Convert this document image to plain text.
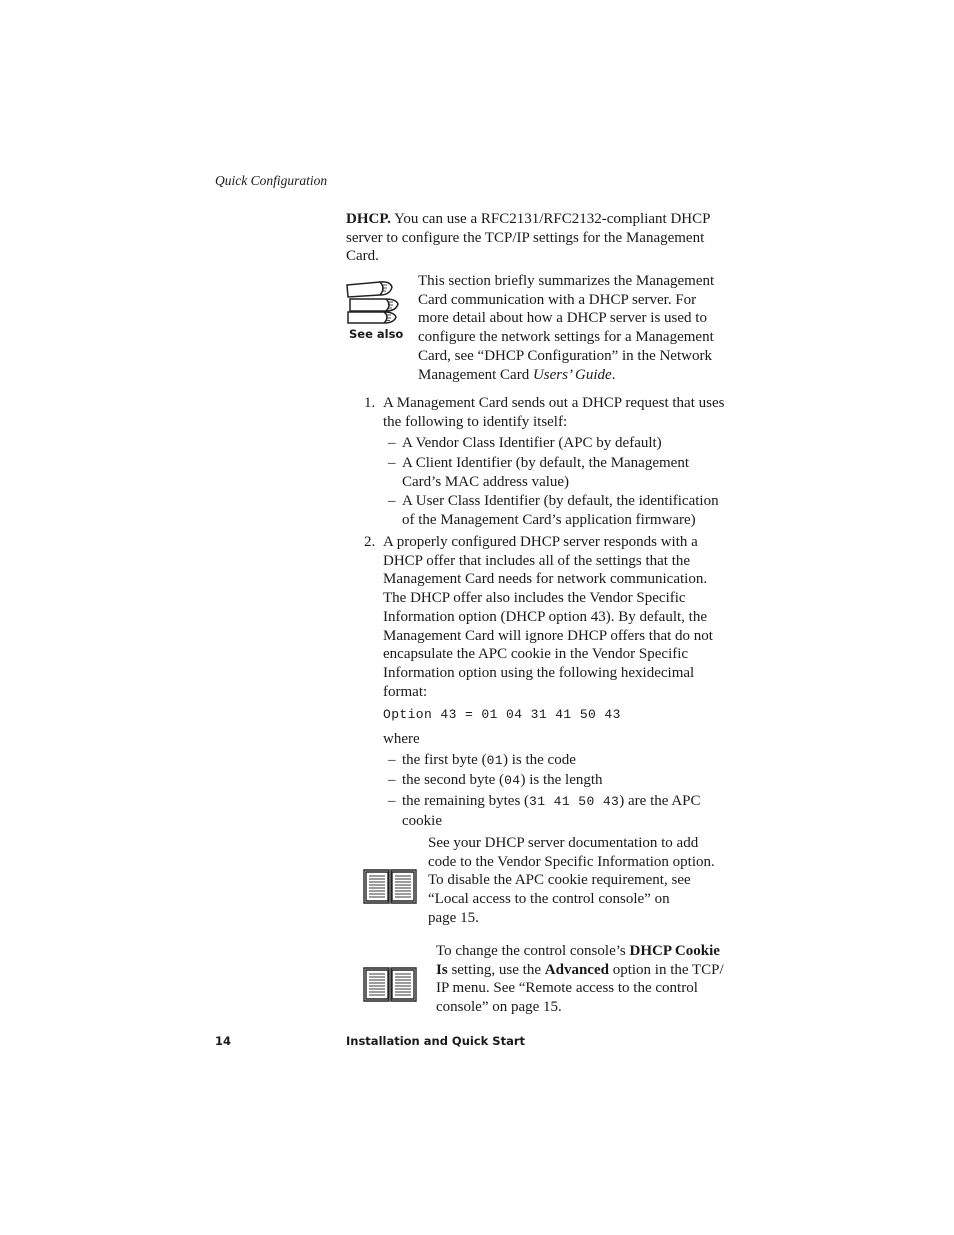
Quick Configuration
DHCP. You can use a RFC2131/RFC2132-compliant DHCP
server to configure the TCP/IP settings for the Management
Card.
See also
This section briefly summarizes the Management
Card communication with a DHCP server. For
more detail about how a DHCP server is used to
configure the network settings for a Management
Card, see “DHCP Configuration” in the Network
Management Card Users’ Guide.
1. A Management Card sends out a DHCP request that uses
the following to identify itself:
– A Vendor Class Identifier (APC by default)
– A Client Identifier (by default, the Management
Card’s MAC address value)
– A User Class Identifier (by default, the identification
of the Management Card’s application firmware)
2. A properly configured DHCP server responds with a
DHCP offer that includes all of the settings that the
Management Card needs for network communication.
The DHCP offer also includes the Vendor Specific
Information option (DHCP option 43). By default, the
Management Card will ignore DHCP offers that do not
encapsulate the APC cookie in the Vendor Specific
Information option using the following hexidecimal
format:
Option 43 = 01 04 31 41 50 43
where
– the first byte (01) is the code
– the second byte (04) is the length
– the remaining bytes (31 41 50 43) are the APC
cookie
See your DHCP server documentation to add
code to the Vendor Specific Information option.
To disable the APC cookie requirement, see
“Local access to the control console” on
page 15.
To change the control console’s DHCP Cookie
Is setting, use the Advanced option in the TCP/
IP menu. See “Remote access to the control
console” on page 15.
14	Installation and Quick Start
